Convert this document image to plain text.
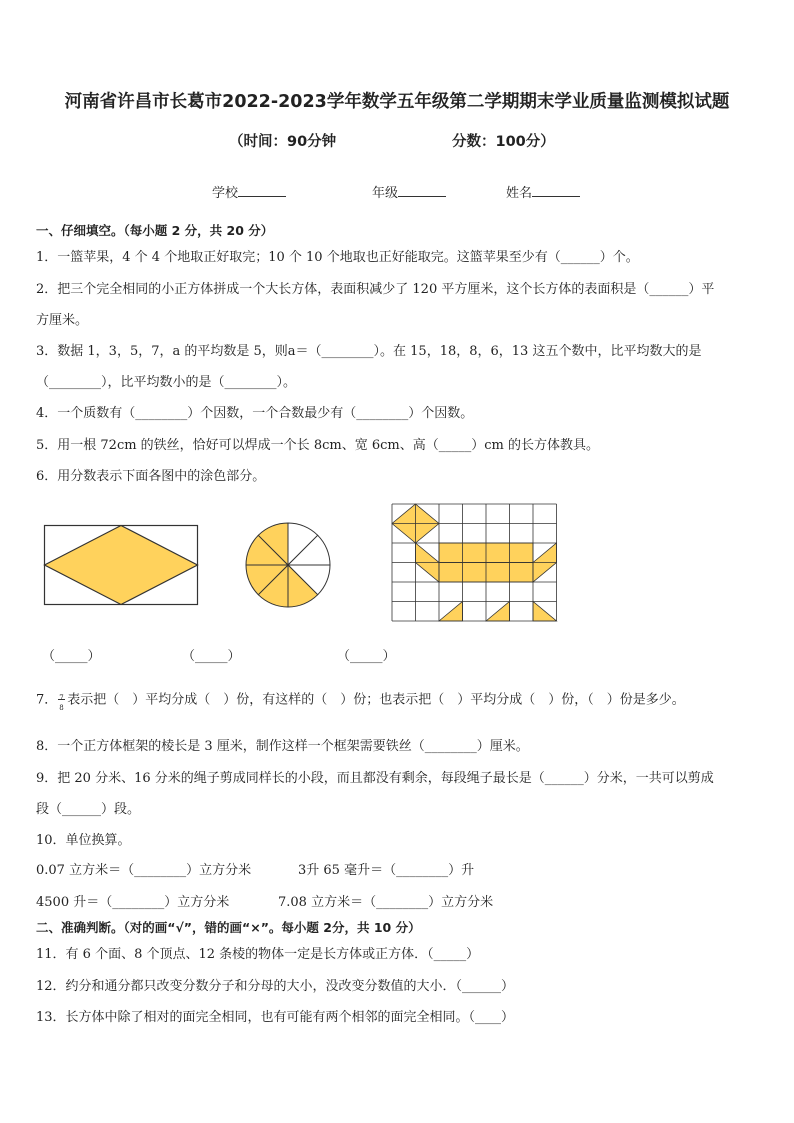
河南省许昌市长葛市2022-2023学年数学五年级第二学期期末学业质量监测模拟试题
（时间：90分钟	分数：100分）
学校	年级	姓名
一、仔细填空。（每小题 2 分，共 20 分）
1．一篮苹果，4 个 4 个地取正好取完；10 个 10 个地取也正好能取完。这篮苹果至少有（______）个。
2．把三个完全相同的小正方体拼成一个大长方体，表面积减少了 120 平方厘米，这个长方体的表面积是（______）平
方厘米。
3．数据 1，3，5，7，a 的平均数是 5，则a＝（________）。在 15，18，8，6，13 这五个数中，比平均数大的是
（________），比平均数小的是（________）。
4．一个质数有（________）个因数，一个合数最少有（________）个因数。
5．用一根 72cm 的铁丝，恰好可以焊成一个长 8cm、宽 6cm、高（_____）cm 的长方体教具。
6．用分数表示下面各图中的涂色部分。
（_____）	（_____）	（_____）
7． 7
8
表示把（　）平均分成（　）份，有这样的（　）份；也表示把（　）平均分成（　）份，（　）份是多少。
8．一个正方体框架的棱长是 3 厘米，制作这样一个框架需要铁丝（________）厘米。
9．把 20 分米、16 分米的绳子剪成同样长的小段，而且都没有剩余，每段绳子最长是（______）分米，一共可以剪成
段（______）段。
10．单位换算。
0.07 立方米＝（________）立方分米	3升 65 毫升＝（________）升
4500 升＝（________）立方分米	7.08 立方米＝（________）立方分米
二、准确判断。（对的画“√”，错的画“×”。每小题 2分，共 10 分）
11．有 6 个面、8 个顶点、12 条棱的物体一定是长方体或正方体．（_____）
12．约分和通分都只改变分数分子和分母的大小，没改变分数值的大小．（______）
13．长方体中除了相对的面完全相同，也有可能有两个相邻的面完全相同。（____）
